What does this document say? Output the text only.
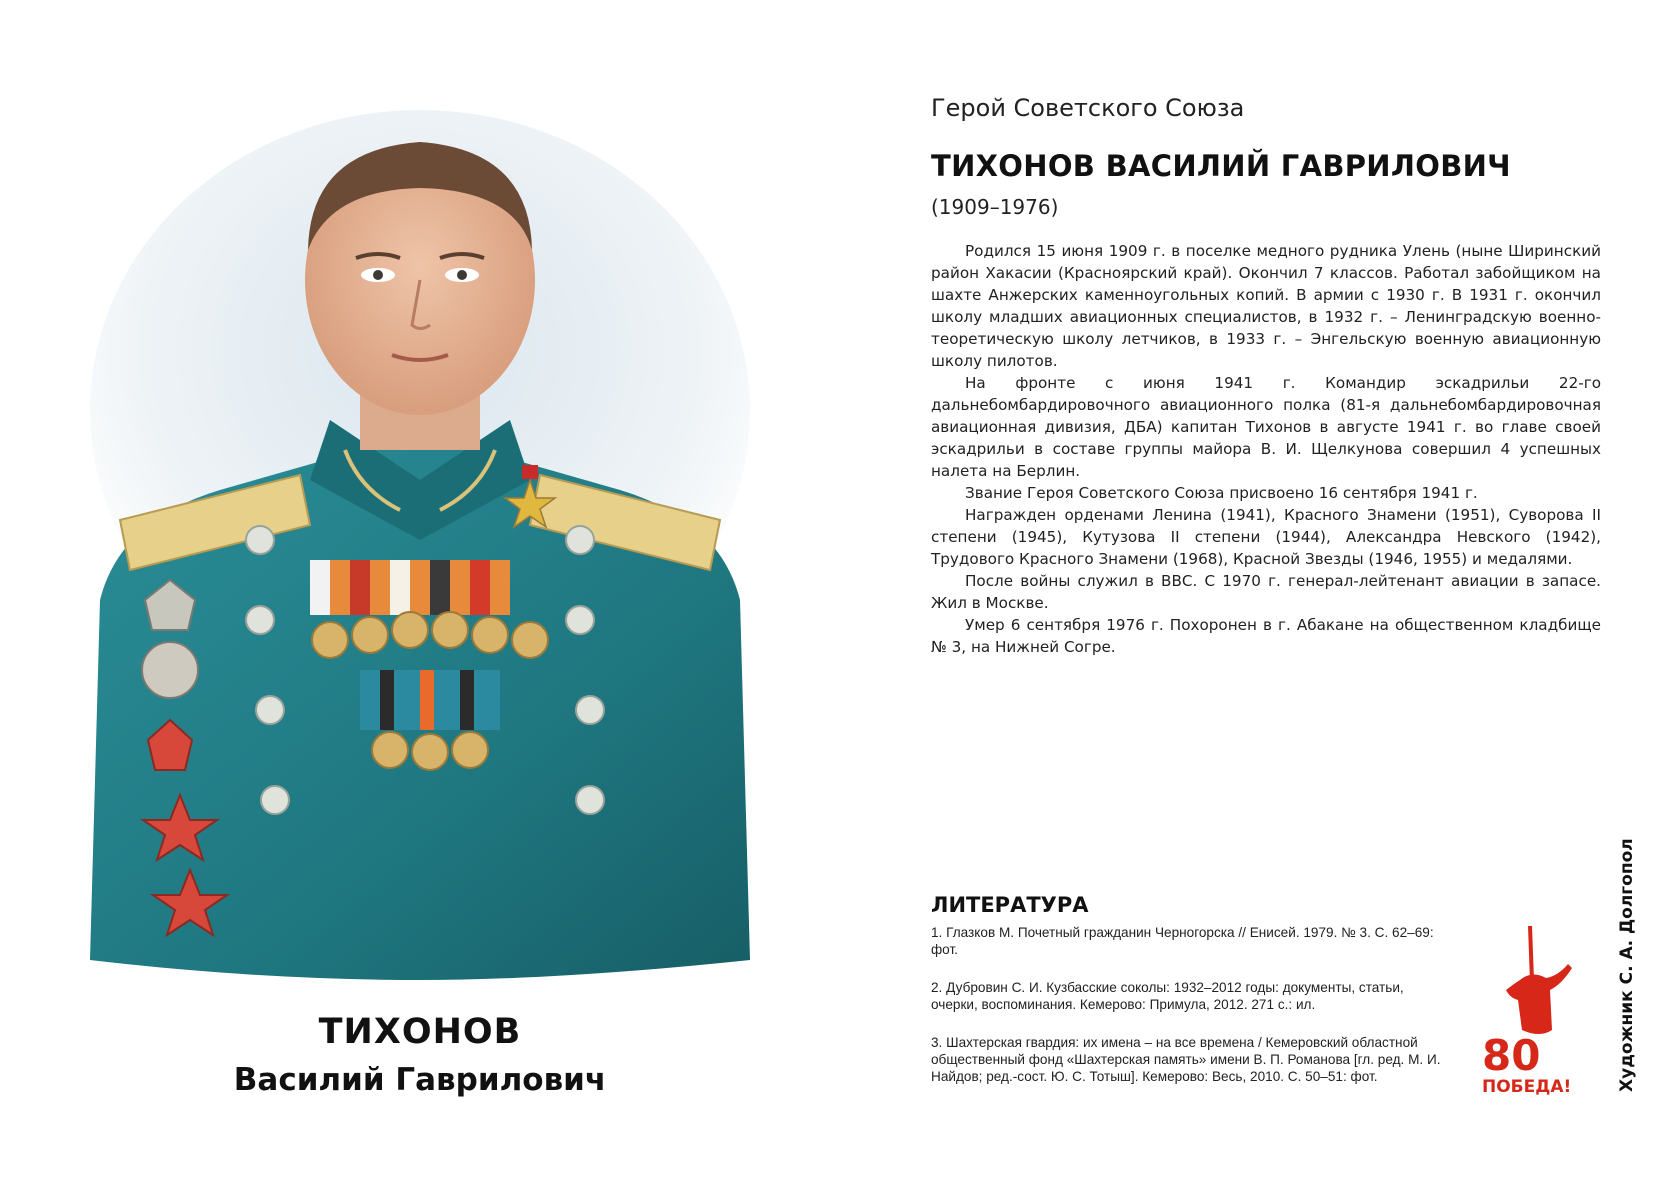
ТИХОНОВ
Василий Гаврилович
Герой Советского Союза
ТИХОНОВ ВАСИЛИЙ ГАВРИЛОВИЧ
(1909–1976)

Родился 15 июня 1909 г. в поселке медного рудника Улень (ныне Ширинский район Хакасии (Красноярский край). Окончил 7 классов. Работал забойщиком на шахте Анжерских каменноугольных копий. В армии с 1930 г. В 1931 г. окончил школу младших авиационных специалистов, в 1932 г. – Ленинградскую военно-теоретическую школу летчиков, в 1933 г. – Энгельскую военную авиационную школу пилотов.

На фронте с июня 1941 г. Командир эскадрильи 22-го дальнебомбардировочного авиационного полка (81-я дальнебомбардировочная авиационная дивизия, ДБА) капитан Тихонов в августе 1941 г. во главе своей эскадрильи в составе группы майора В. И. Щелкунова совершил 4 успешных налета на Берлин.

Звание Героя Советского Союза присвоено 16 сентября 1941 г.

Награжден орденами Ленина (1941), Красного Знамени (1951), Суворова II степени (1945), Кутузова II степени (1944), Александра Невского (1942), Трудового Красного Знамени (1968), Красной Звезды (1946, 1955) и медалями.

После войны служил в ВВС. С 1970 г. генерал-лейтенант авиации в запасе. Жил в Москве.

Умер 6 сентября 1976 г. Похоронен в г. Абакане на общественном кладбище № 3, на Нижней Согре.

ЛИТЕРАТУРА

1. Глазков М. Почетный гражданин Черногорска // Енисей. 1979. № 3. С. 62–69: фот.

2. Дубровин С. И. Кузбасские соколы: 1932–2012 годы: документы, статьи, очерки, воспоминания. Кемерово: Примула, 2012. 271 с.: ил.

3. Шахтерская гвардия: их имена – на все времена / Кемеровский областной общественный фонд «Шахтерская память» имени В. П. Романова [гл. ред. М. И. Найдов; ред.-сост. Ю. С. Тотыш]. Кемерово: Весь, 2010. С. 50–51: фот.	80
ПОБЕДА!	Художник С. А. Долгопол
